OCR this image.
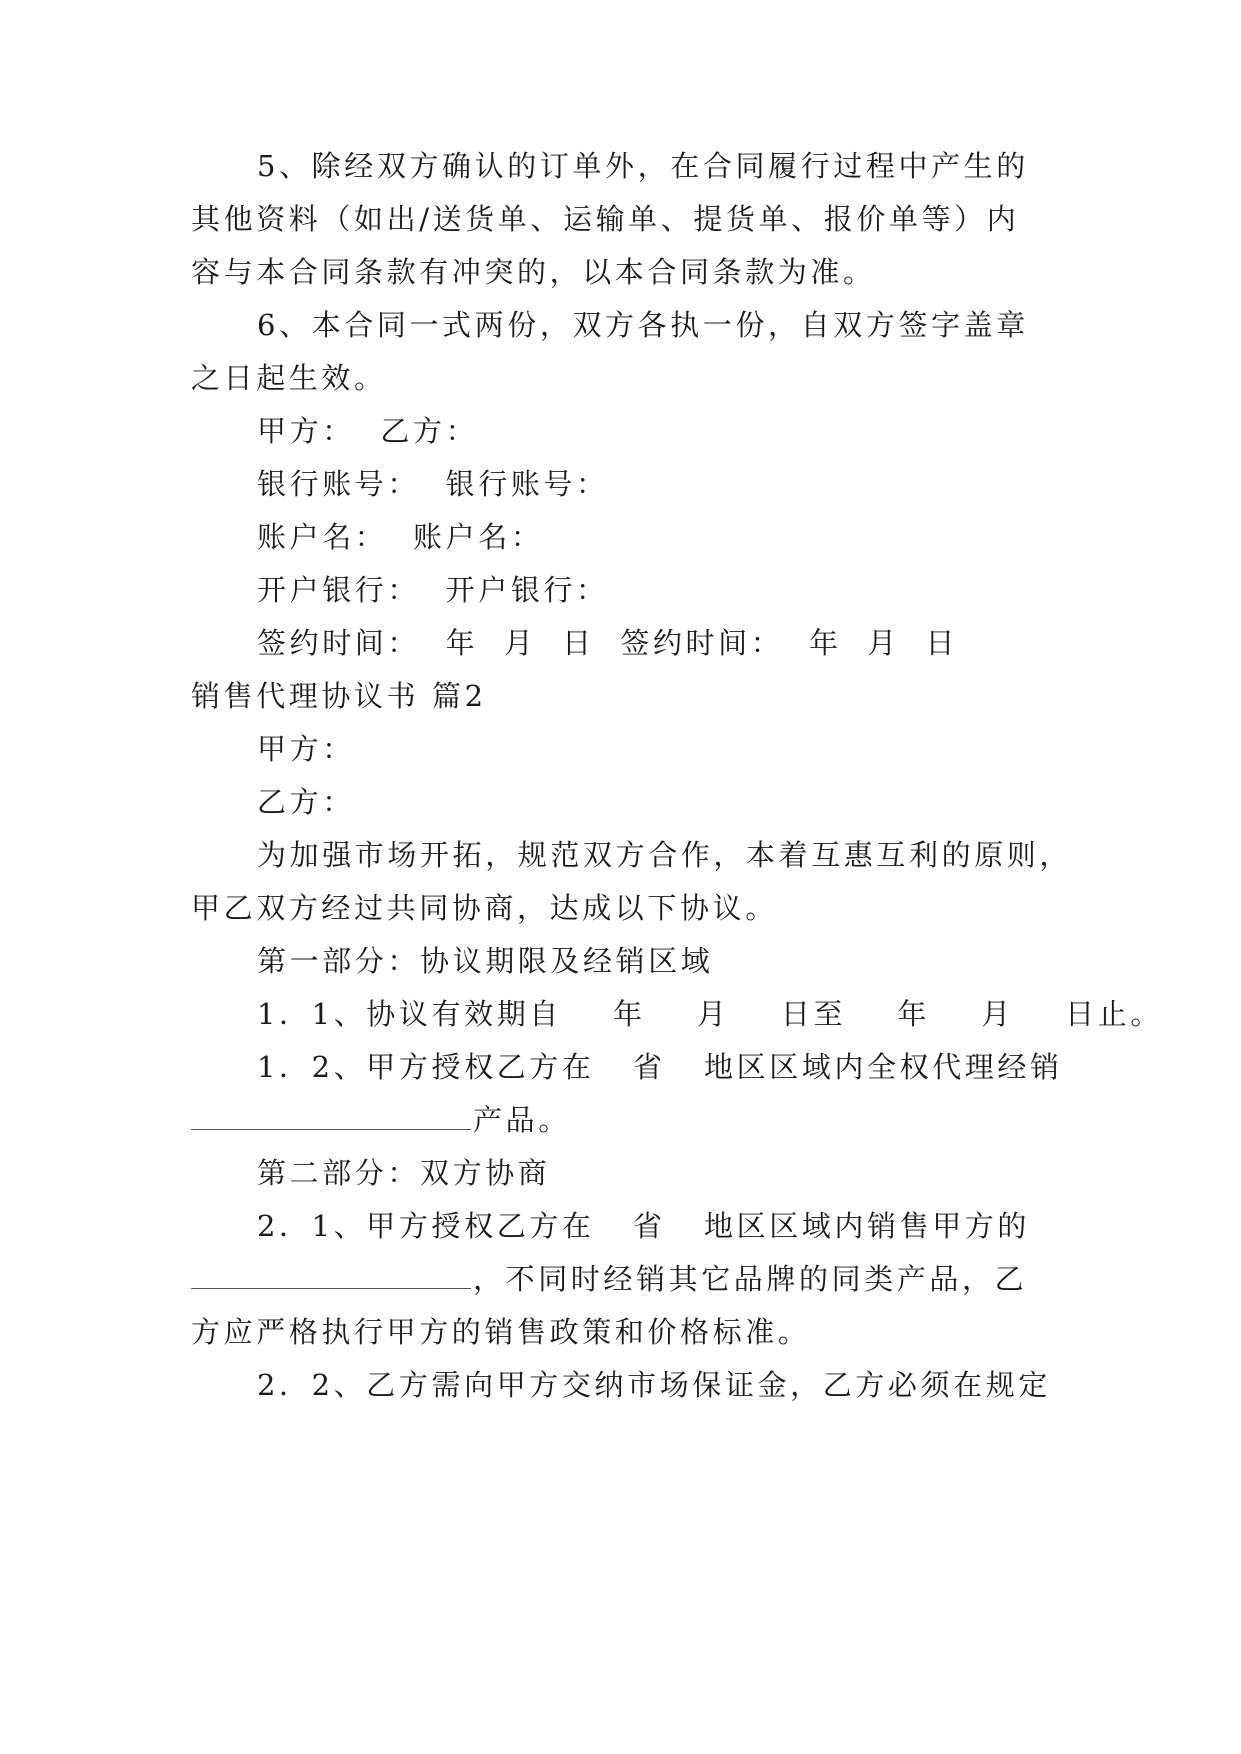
5、除经双方确认的订单外，在合同履行过程中产生的
其他资料（如出/送货单、运输单、提货单、报价单等）内
容与本合同条款有冲突的，以本合同条款为准。
6、本合同一式两份，双方各执一份，自双方签字盖章
之日起生效。
甲方：  乙方：
银行账号：  银行账号：
账户名：  账户名：
开户银行：  开户银行：
签约时间：  年  月  日  签约时间：  年  月  日
销售代理协议书 篇2
甲方：
乙方：
为加强市场开拓，规范双方合作，本着互惠互利的原则，
甲乙双方经过共同协商，达成以下协议。
第一部分：协议期限及经销区域
1．1、协议有效期自    年    月    日至    年    月    日止。
1．2、甲方授权乙方在   省   地区区域内全权代理经销
产品。
第二部分：双方协商
2．1、甲方授权乙方在   省   地区区域内销售甲方的
，不同时经销其它品牌的同类产品，乙
方应严格执行甲方的销售政策和价格标准。
2．2、乙方需向甲方交纳市场保证金，乙方必须在规定
